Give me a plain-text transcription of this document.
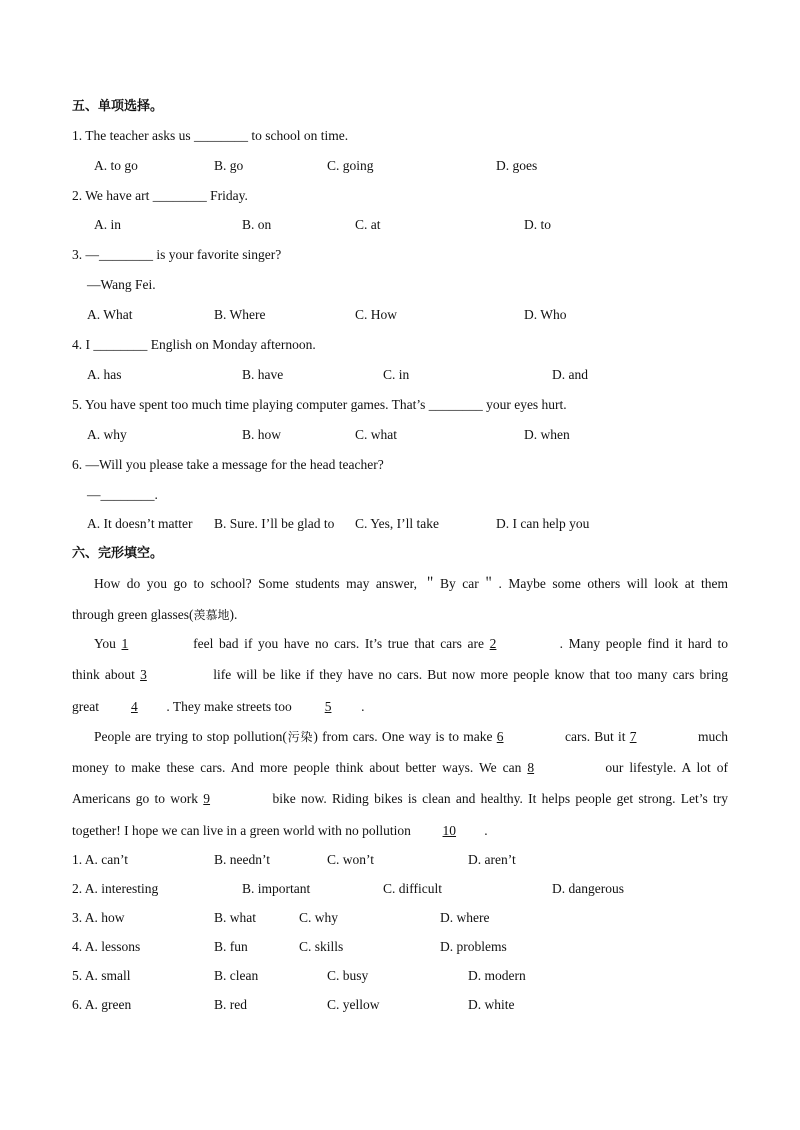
五、单项选择。
1. The teacher asks us ________ to school on time.
A. to go	B. go	C. going	D. goes
2. We have art ________ Friday.
A. in	B. on	C. at	D. to
3. —________ is your favorite singer?
—Wang Fei.
A. What	B. Where	C. How	D. Who
4. I ________ English on Monday afternoon.
A. has	B. have	C. in	D. and
5. You have spent too much time playing computer games. That’s ________ your eyes hurt.
A. why	B. how	C. what	D. when
6. —Will you please take a message for the head teacher?
—________.
A. It doesn’t matter B. Sure. I’ll be glad to C. Yes, I’ll take	D. I can help you
六、完形填空。
How do you go to school? Some students may answer, ＂By car＂. Maybe some others will look at them
through green glasses(羡慕地).
You 1	feel bad if you have no cars. It’s true that cars are 2	. Many people find it hard to
think about 3	life will be like if they have no cars. But now more people know that too many cars bring
great 4 . They make streets too 5 .
People are trying to stop pollution(污染) from cars. One way is to make 6	cars. But it 7	much
money to make these cars. And more people think about better ways. We can 8	our lifestyle. A lot of
Americans go to work 9	bike now. Riding bikes is clean and healthy. It helps people get strong. Let’s try
together! I hope we can live in a green world with no pollution 10 .
1. A. can’t	B. needn’t	C. won’t	D. aren’t
2. A. interesting	B. important	C. difficult	D. dangerous
3. A. how	B. what	C. why	D. where
4. A. lessons	B. fun	C. skills	D. problems
5. A. small	B. clean	C. busy	D. modern
6. A. green	B. red	C. yellow	D. white
